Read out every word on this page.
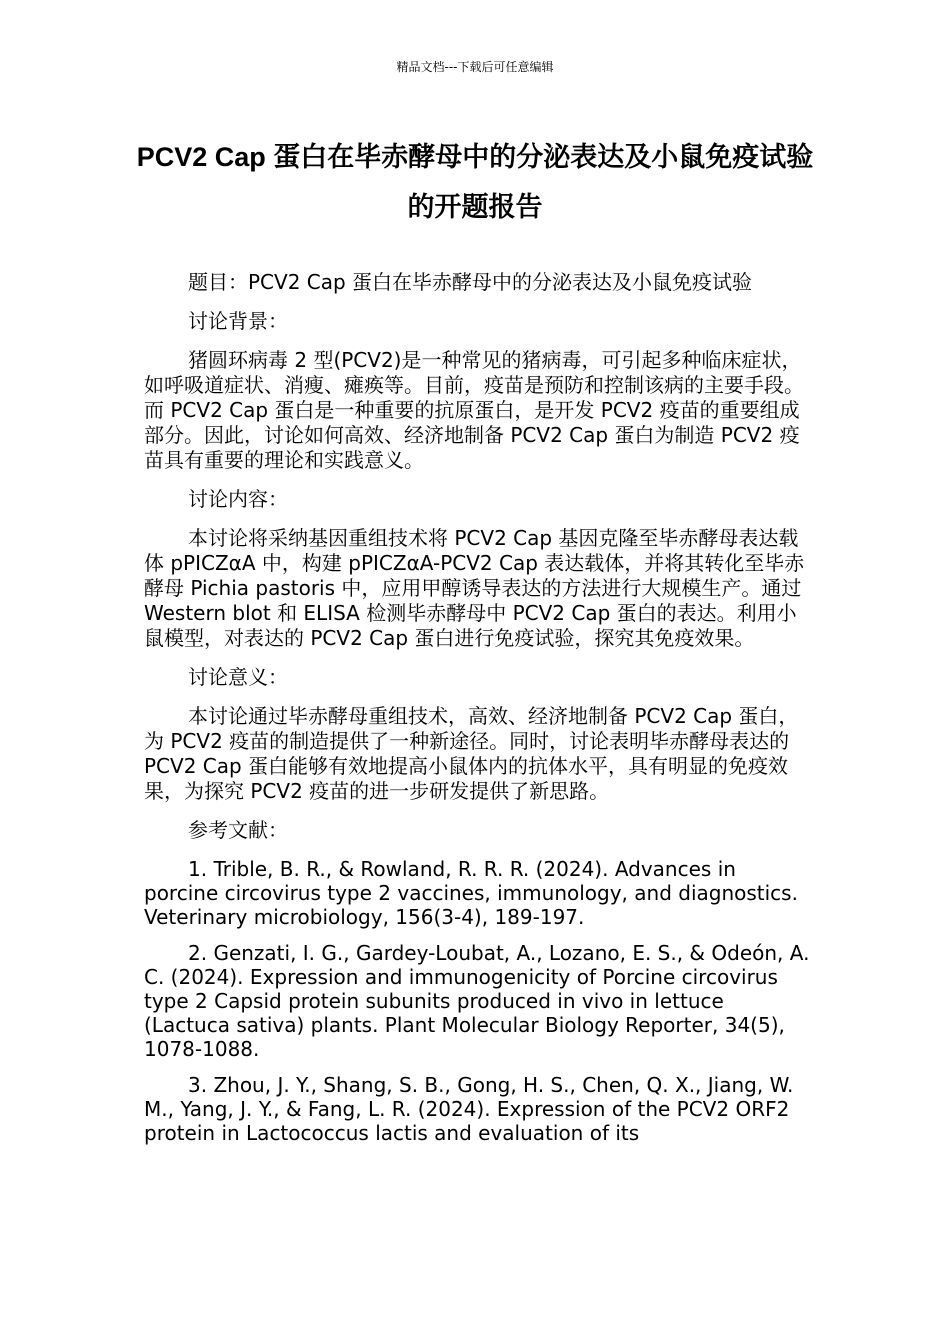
精品文档---下载后可任意编辑
PCV2 Cap 蛋白在毕赤酵母中的分泌表达及小鼠免疫试验的开题报告

题目：PCV2 Cap 蛋白在毕赤酵母中的分泌表达及小鼠免疫试验

讨论背景：

猪圆环病毒 2 型(PCV2)是一种常见的猪病毒，可引起多种临床症状，如呼吸道症状、消瘦、瘫痪等。目前，疫苗是预防和控制该病的主要手段。而 PCV2 Cap 蛋白是一种重要的抗原蛋白，是开发 PCV2 疫苗的重要组成部分。因此，讨论如何高效、经济地制备 PCV2 Cap 蛋白为制造 PCV2 疫苗具有重要的理论和实践意义。

讨论内容：

本讨论将采纳基因重组技术将 PCV2 Cap 基因克隆至毕赤酵母表达载体 pPICZαA 中，构建 pPICZαA-PCV2 Cap 表达载体，并将其转化至毕赤酵母 Pichia pastoris 中，应用甲醇诱导表达的方法进行大规模生产。通过 Western blot 和 ELISA 检测毕赤酵母中 PCV2 Cap 蛋白的表达。利用小鼠模型，对表达的 PCV2 Cap 蛋白进行免疫试验，探究其免疫效果。

讨论意义：

本讨论通过毕赤酵母重组技术，高效、经济地制备 PCV2 Cap 蛋白，为 PCV2 疫苗的制造提供了一种新途径。同时，讨论表明毕赤酵母表达的 PCV2 Cap 蛋白能够有效地提高小鼠体内的抗体水平，具有明显的免疫效果，为探究 PCV2 疫苗的进一步研发提供了新思路。

参考文献：

1. Trible, B. R., & Rowland, R. R. R. (2024). Advances in porcine circovirus type 2 vaccines, immunology, and diagnostics. Veterinary microbiology, 156(3-4), 189-197.

2. Genzati, I. G., Gardey-Loubat, A., Lozano, E. S., & Odeón, A. C. (2024). Expression and immunogenicity of Porcine circovirus type 2 Capsid protein subunits produced in vivo in lettuce (Lactuca sativa) plants. Plant Molecular Biology Reporter, 34(5), 1078-1088.

3. Zhou, J. Y., Shang, S. B., Gong, H. S., Chen, Q. X., Jiang, W. M., Yang, J. Y., & Fang, L. R. (2024). Expression of the PCV2 ORF2 protein in Lactococcus lactis and evaluation of its
